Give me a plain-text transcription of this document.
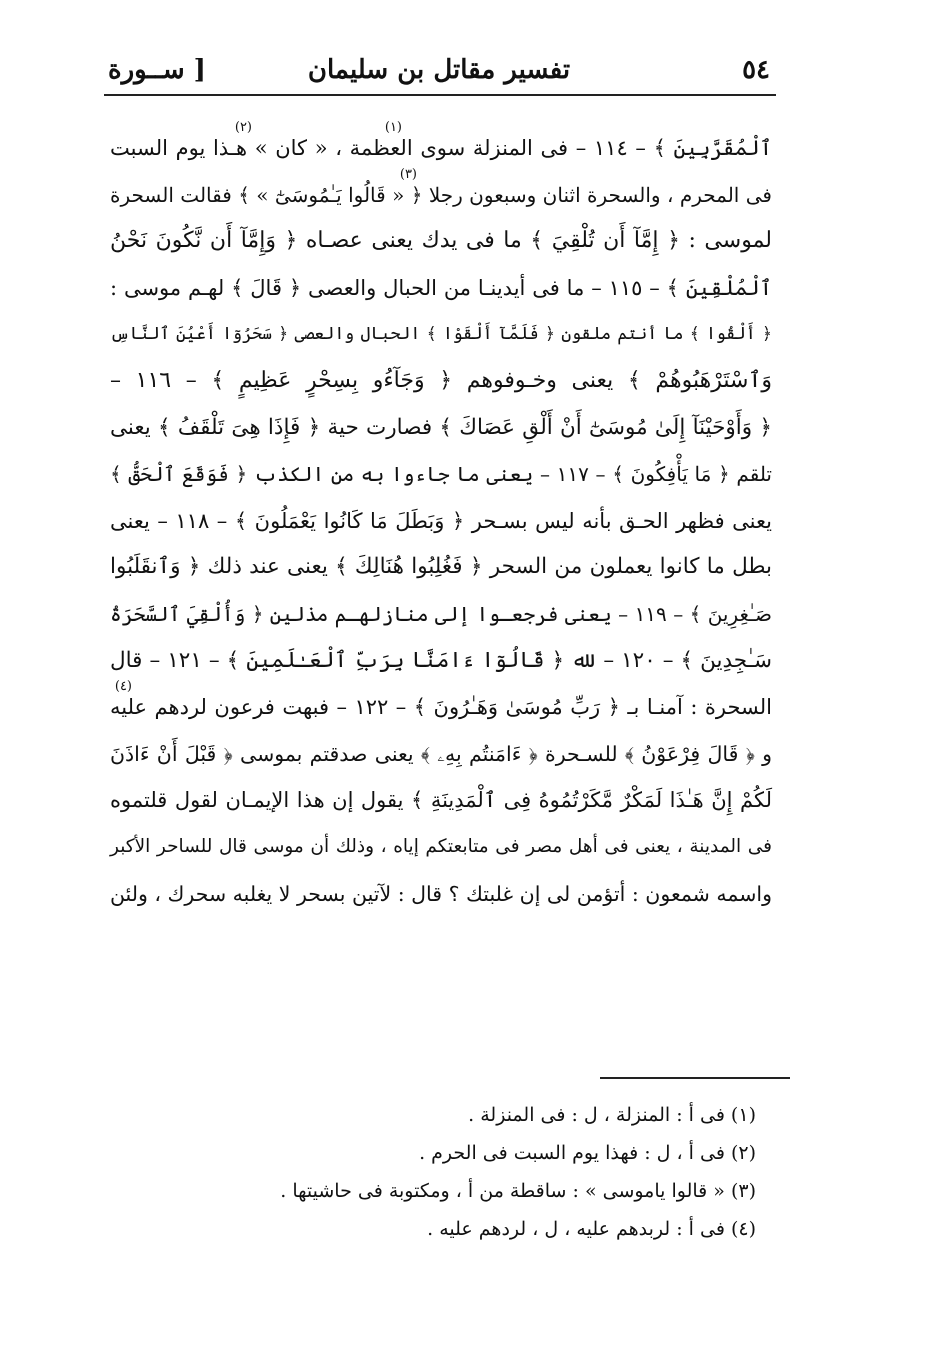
٥٤
تفسير مقاتل بن سليمان
[ ســورة
(١)
(٢)
ٱلْمُقَرَّبِينَ ﴾ – ١١٤ – فى المنزلة سوى العظمة ، « كان » هـذا يوم السبت
(٣)
فى المحرم ، والسحرة اثنان وسبعون رجلا ﴿ « قَالُوا يَـٰمُوسَىٰٓ » ﴾ فقالت السحرة
لموسى : ﴿ إِمَّآ أَن تُلْقِيَ ﴾ ما فى يدك يعنى عصـاه ﴿ وَإِمَّآ أَن نَّكُونَ نَحْنُ
ٱلْمُلْقِينَ ﴾ – ١١٥ – ما فى أيدينـا من الحبال والعصى ﴿ قَالَ ﴾ لهـم موسى :
﴿ أَلْقُوا ﴾ ما أنتم ملقون ﴿ فَلَمَّآ أَلْقَوْا ﴾ الحبال والعصى ﴿ سَحَرُوٓا أَعْيُنَ ٱلنَّاسِ
وَٱسْتَرْهَبُوهُمْ ﴾ يعنى وخـوفوهم ﴿ وَجَآءُو بِسِحْرٍ عَظِيمٍ ﴾ – ١١٦ –
﴿ وَأَوْحَيْنَآ إِلَىٰ مُوسَىٰٓ أَنْ أَلْقِ عَصَاكَ ﴾ فصارت حية ﴿ فَإِذَا هِىَ تَلْقَفُ ﴾ يعنى
تلقم ﴿ مَا يَأْفِكُونَ ﴾ – ١١٧ – يعنى ما جاءوا به من الكذب ﴿ فَوَقَعَ ٱلْحَقُّ ﴾
يعنى فظهر الحـق بأنه ليس بسـحر ﴿ وَبَطَلَ مَا كَانُوا يَعْمَلُونَ ﴾ – ١١٨ – يعنى
بطل ما كانوا يعملون من السحر ﴿ فَغُلِبُوا هُنَالِكَ ﴾ يعنى عند ذلك ﴿ وَٱنقَلَبُوا
صَـٰغِرِينَ ﴾ – ١١٩ – يعنى فرجعـوا إلى منازلهـم مذلين ﴿ وَأُلْقِيَ ٱلسَّحَرَةُ
سَـٰجِدِينَ ﴾ – ١٢٠ – لله ﴿ قَالُوٓا ءَامَنَّا بِرَبِّ ٱلْعَـٰلَمِينَ ﴾ – ١٢١ – قال
(٤)
السحرة : آمنـا بـ ﴿ رَبِّ مُوسَىٰ وَهَـٰرُونَ ﴾ – ١٢٢ – فبهت فرعون لردهم عليه
و ﴿ قَالَ فِرْعَوْنُ ﴾ للسـحرة ﴿ ءَامَنتُم بِهِۦ ﴾ يعنى صدقتم بموسى ﴿ قَبْلَ أَنْ ءَاذَنَ
لَكُمْ إِنَّ هَـٰذَا لَمَكْرٌ مَّكَرْتُمُوهُ فِى ٱلْمَدِينَةِ ﴾ يقول إن هذا الإيمـان لقول قلتموه
فى المدينة ، يعنى فى أهل مصر فى متابعتكم إياه ، وذلك أن موسى قال للساحر الأكبر
واسمه شمعون : أتؤمن لى إن غلبتك ؟ قال : لآتين بسحر لا يغلبه سحرك ، ولئن
(١) فى أ : المنزلة ، ل : فى المنزلة .
(٢) فى أ ، ل : فهذا يوم السبت فى الحرم .
(٣) « قالوا ياموسى » : ساقطة من أ ، ومكتوبة فى حاشيتها .
(٤) فى أ : لربدهم عليه ، ل ، لردهم عليه .
